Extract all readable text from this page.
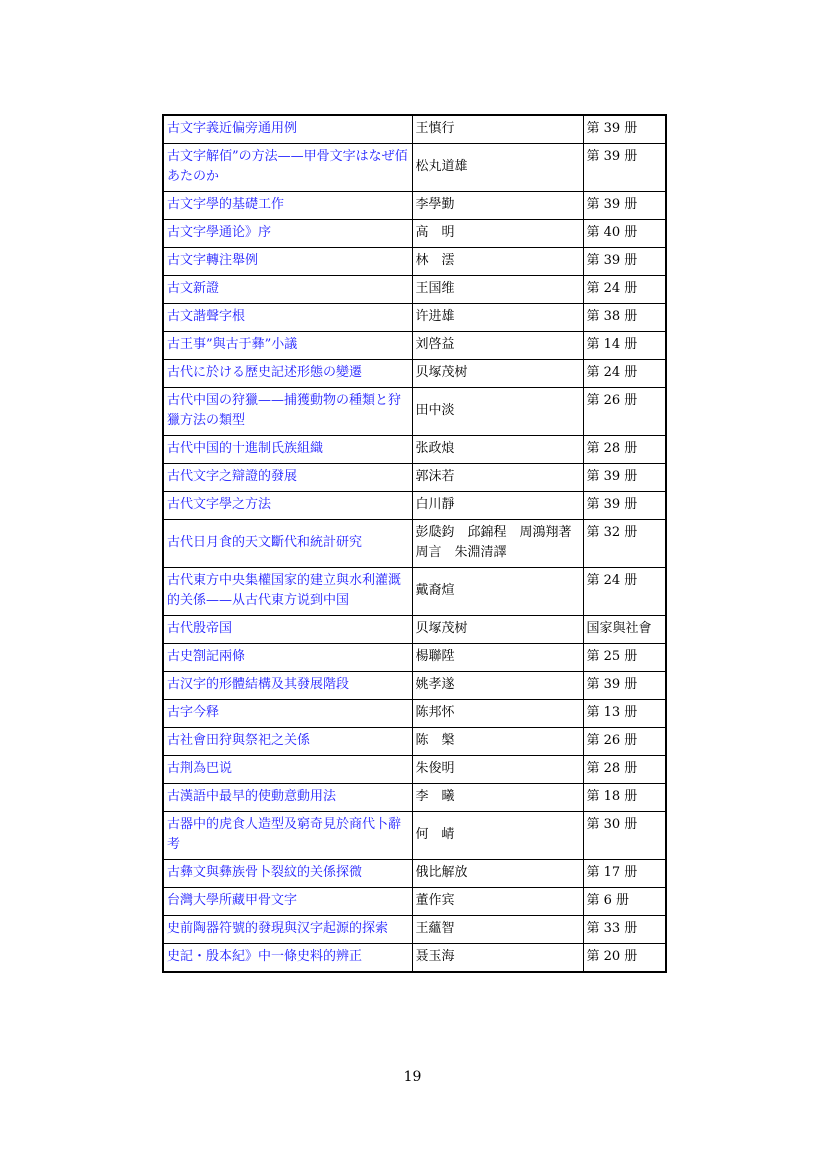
古文字義近偏旁通用例	王慎行	第 39 册
古文字解佰”の方法——甲骨文字はなぜ佰あたのか	松丸道雄	第 39 册
古文字學的基礎工作	李學勤	第 39 册
古文字學通论》序	高　明	第 40 册
古文字轉注舉例	林　澐	第 39 册
古文新證	王国维	第 24 册
古文諧聲字根	许进雄	第 38 册
古王事”與古于彝”小議	刘啓益	第 14 册
古代に於ける歷史記述形態の變遷	贝塚茂树	第 24 册
古代中国の狩獵——捕獲動物の種類と狩獵方法の類型	田中淡	第 26 册
古代中国的十進制氏族組織	张政烺	第 28 册
古代文字之辯證的發展	郭沫若	第 39 册
古代文字學之方法	白川靜	第 39 册
古代日月食的天文斷代和統計研究	彭瓞鈞　邱錦程　周鴻翔著　周言　朱淵清譯	第 32 册
古代東方中央集權国家的建立與水利灌溉的关係——从古代東方说到中国	戴裔煊	第 24 册
古代殷帝国	贝塚茂树	国家與社會
古史劄記兩條	楊聯陞	第 25 册
古汉字的形體結構及其發展階段	姚孝遂	第 39 册
古字今释	陈邦怀	第 13 册
古社會田狩與祭祀之关係	陈　槃	第 26 册
古荆為巴说	朱俊明	第 28 册
古漢語中最早的使動意動用法	李　曦	第 18 册
古器中的虎食人造型及窮奇見於商代卜辭考	何　崝	第 30 册
古彝文與彝族骨卜裂紋的关係探微	俄比解放	第 17 册
台灣大學所藏甲骨文字	董作宾	第 6 册
史前陶器符號的發現與汉字起源的探索	王蘊智	第 33 册
史記・殷本紀》中一條史料的辨正	聂玉海	第 20 册
19
